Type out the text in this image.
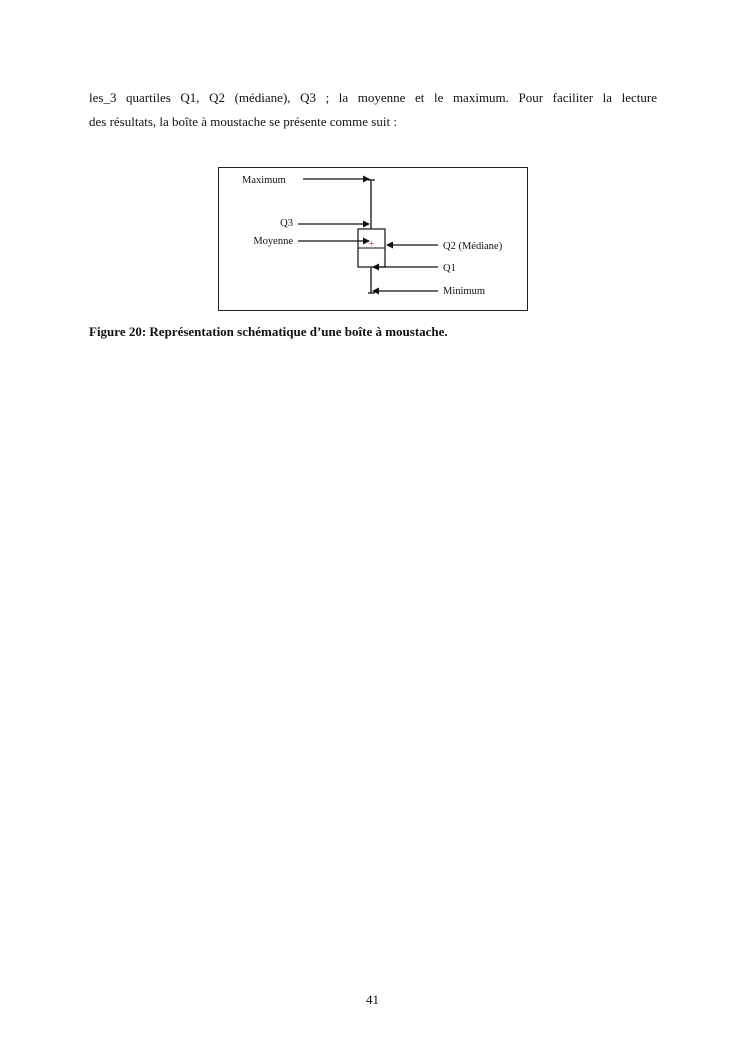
les_3 quartiles Q1, Q2 (médiane), Q3 ; la moyenne et le maximum. Pour faciliter la lecture
des résultats, la boîte à moustache se présente comme suit :

+
Maximum
Q3
Moyenne	Q2 (Médiane)
Q1
Minimum

Figure 20: Représentation schématique d’une boîte à moustache.

41
